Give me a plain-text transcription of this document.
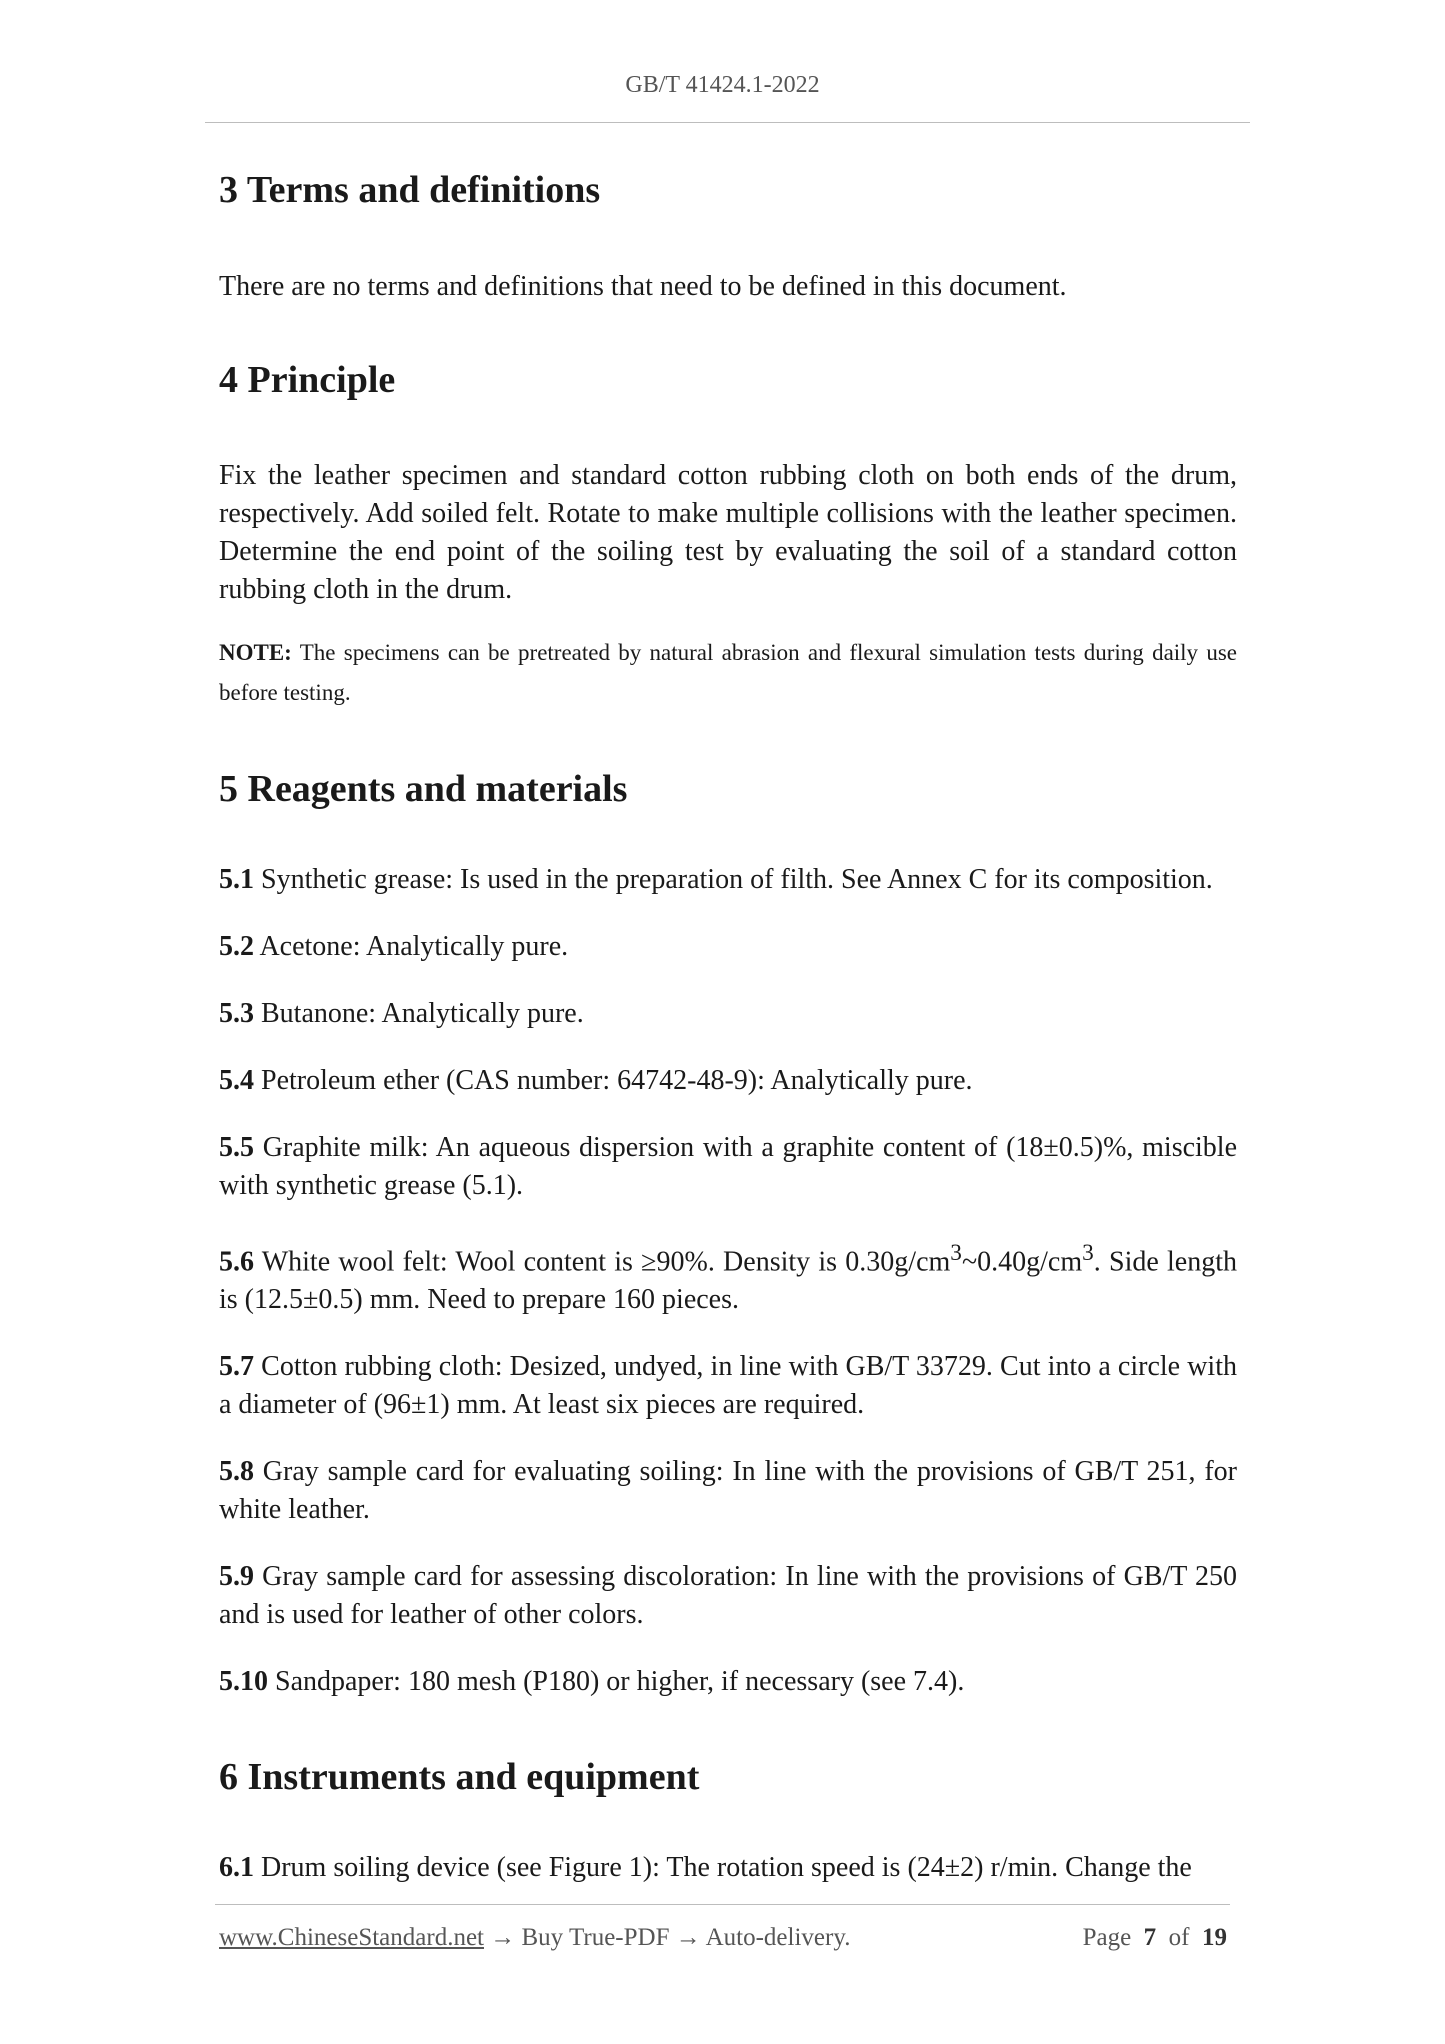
GB/T 41424.1-2022
3 Terms and definitions

There are no terms and definitions that need to be defined in this document.

4 Principle

Fix the leather specimen and standard cotton rubbing cloth on both ends of the drum, respectively. Add soiled felt. Rotate to make multiple collisions with the leather specimen. Determine the end point of the soiling test by evaluating the soil of a standard cotton rubbing cloth in the drum.

NOTE: The specimens can be pretreated by natural abrasion and flexural simulation tests during daily use before testing.

5 Reagents and materials

5.1 Synthetic grease: Is used in the preparation of filth. See Annex C for its composition.

5.2 Acetone: Analytically pure.

5.3 Butanone: Analytically pure.

5.4 Petroleum ether (CAS number: 64742-48-9): Analytically pure.

5.5 Graphite milk: An aqueous dispersion with a graphite content of (18±0.5)%, miscible with synthetic grease (5.1).

5.6 White wool felt: Wool content is ≥90%. Density is $0.30g/cm^3\sim 0.40g/cm^3$. Side length is (12.5±0.5) mm. Need to prepare 160 pieces.

5.7 Cotton rubbing cloth: Desized, undyed, in line with GB/T 33729. Cut into a circle with a diameter of (96±1) mm. At least six pieces are required.

5.8 Gray sample card for evaluating soiling: In line with the provisions of GB/T 251, for white leather.

5.9 Gray sample card for assessing discoloration: In line with the provisions of GB/T 250 and is used for leather of other colors.

5.10 Sandpaper: 180 mesh (P180) or higher, if necessary (see 7.4).

6 Instruments and equipment

6.1 Drum soiling device (see Figure 1): The rotation speed is (24±2) r/min. Change the

www.ChineseStandard.net → Buy True-PDF → Auto-delivery.	Page 7 of 19
